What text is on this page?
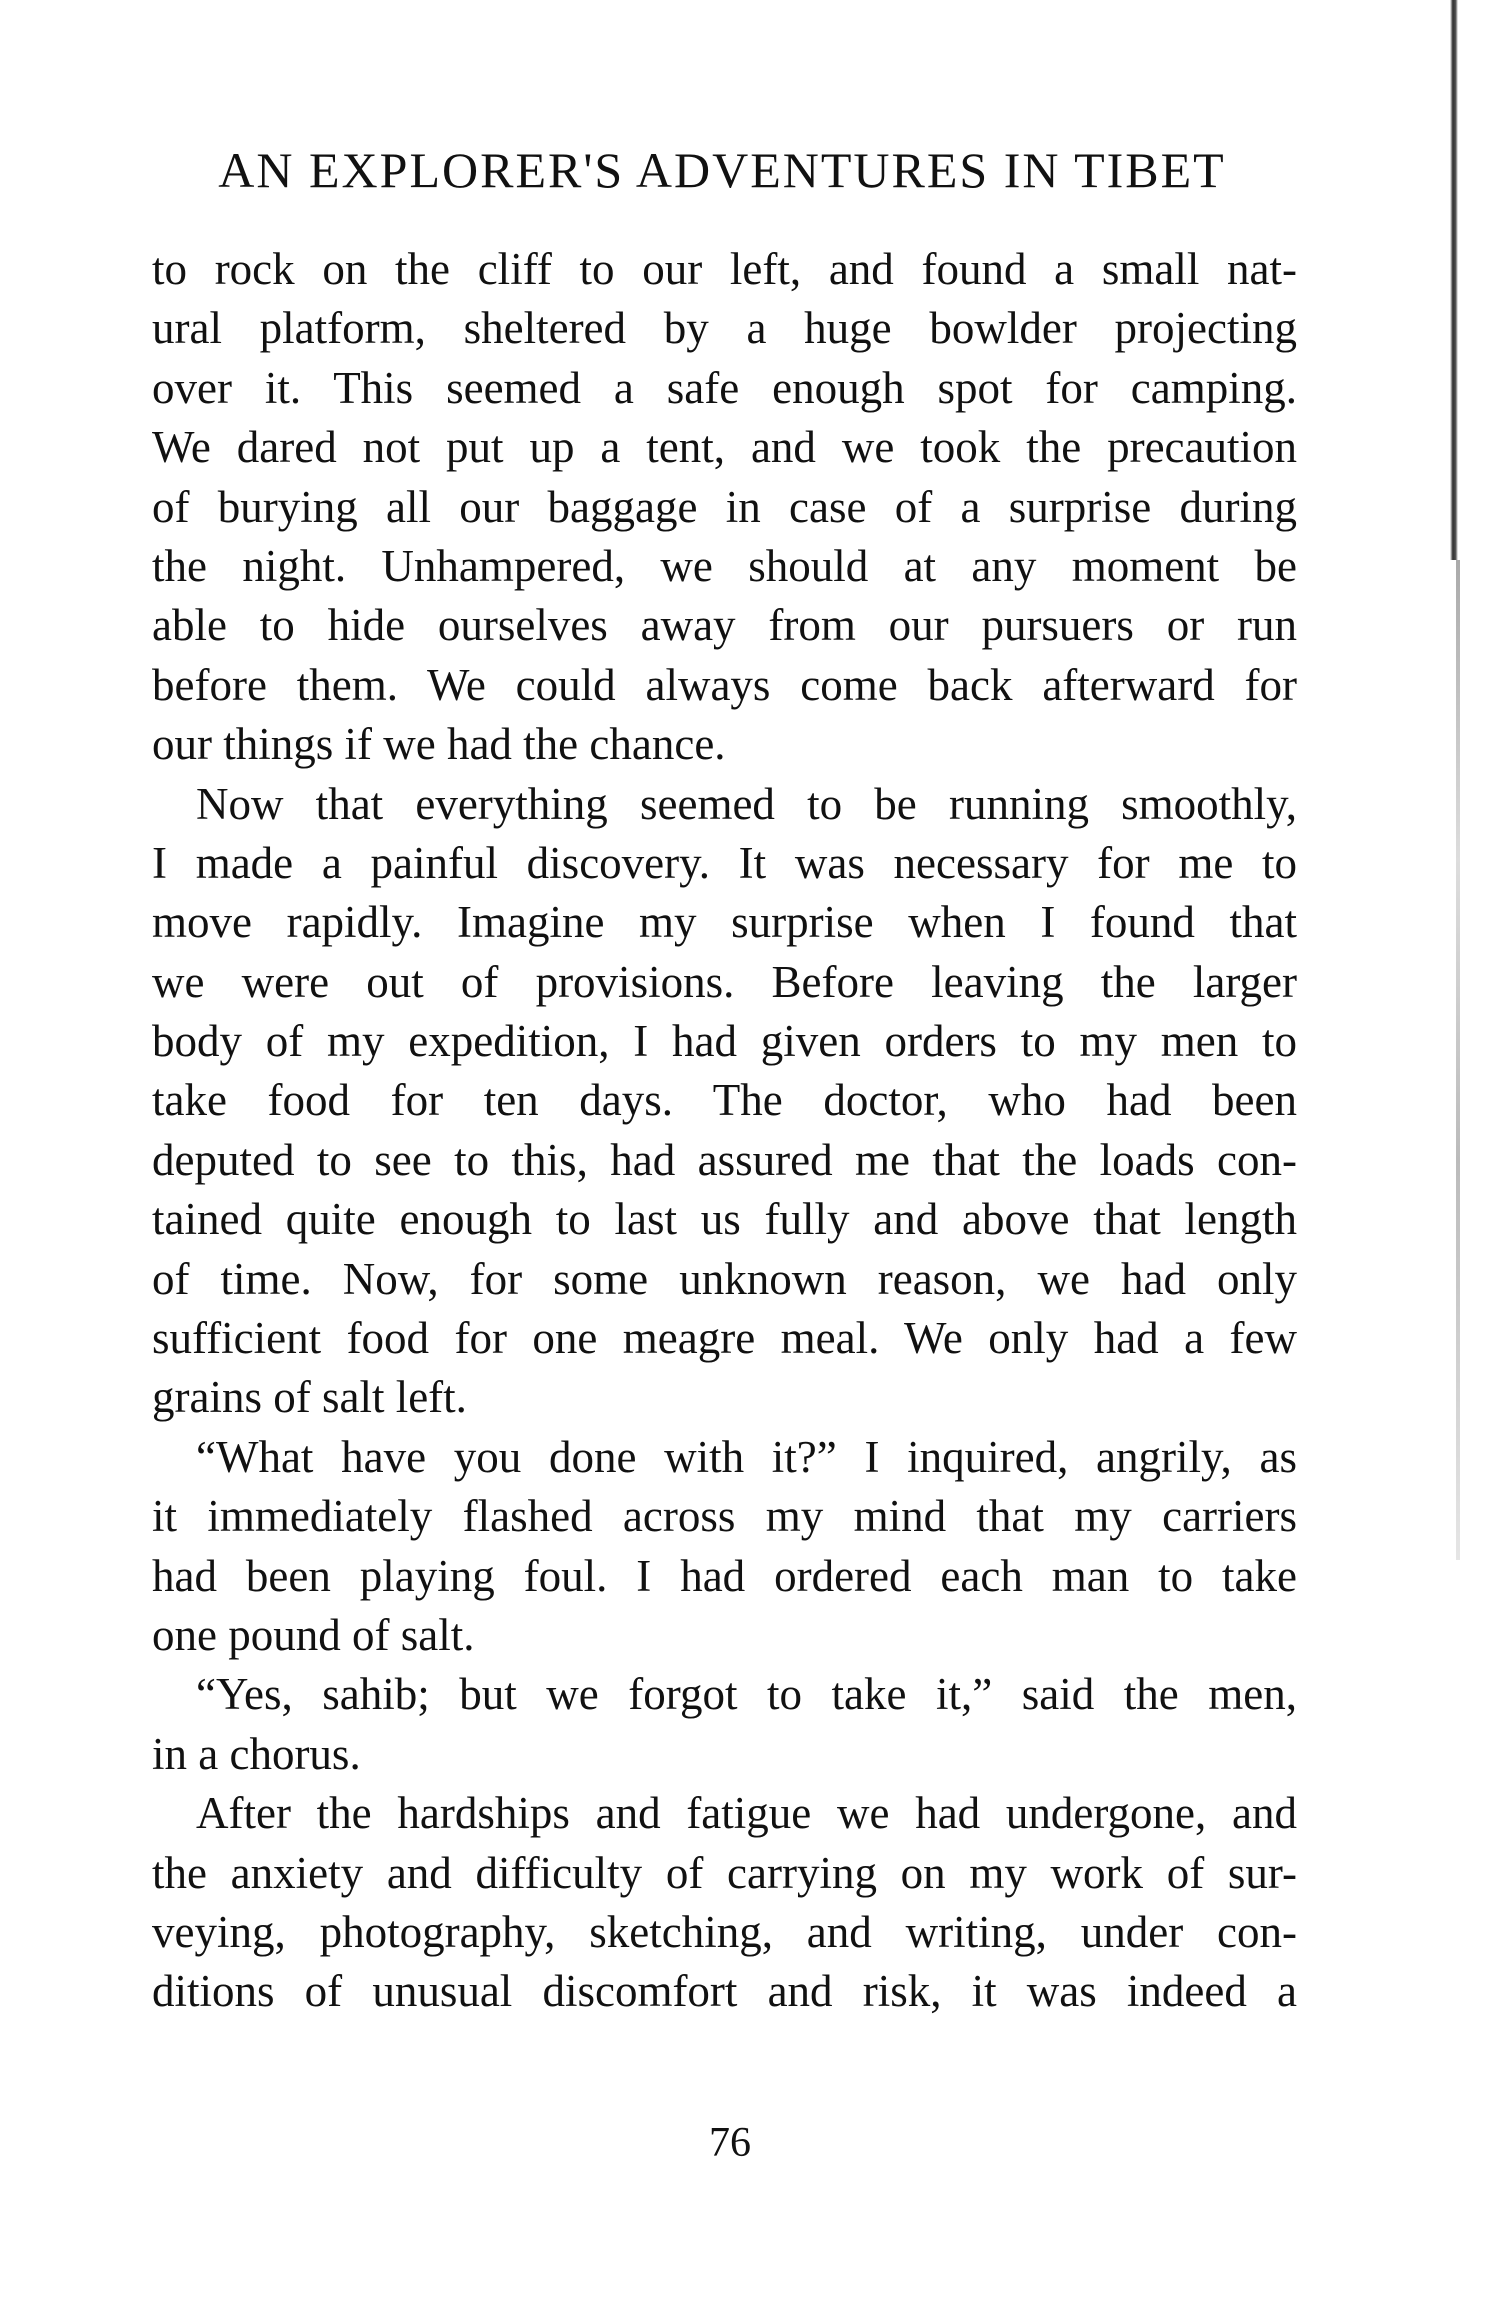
AN EXPLORER'S ADVENTURES IN TIBET
to rock on the cliff to our left, and found a small nat-
ural platform, sheltered by a huge bowlder projecting
over it. This seemed a safe enough spot for camping.
We dared not put up a tent, and we took the precaution
of burying all our baggage in case of a surprise during
the night. Unhampered, we should at any moment be
able to hide ourselves away from our pursuers or run
before them. We could always come back afterward for
our things if we had the chance.
Now that everything seemed to be running smoothly,
I made a painful discovery. It was necessary for me to
move rapidly. Imagine my surprise when I found that
we were out of provisions. Before leaving the larger
body of my expedition, I had given orders to my men to
take food for ten days. The doctor, who had been
deputed to see to this, had assured me that the loads con-
tained quite enough to last us fully and above that length
of time. Now, for some unknown reason, we had only
sufficient food for one meagre meal. We only had a few
grains of salt left.
“What have you done with it?” I inquired, angrily, as
it immediately flashed across my mind that my carriers
had been playing foul. I had ordered each man to take
one pound of salt.
“Yes, sahib; but we forgot to take it,” said the men,
in a chorus.
After the hardships and fatigue we had undergone, and
the anxiety and difficulty of carrying on my work of sur-
veying, photography, sketching, and writing, under con-
ditions of unusual discomfort and risk, it was indeed a
76
